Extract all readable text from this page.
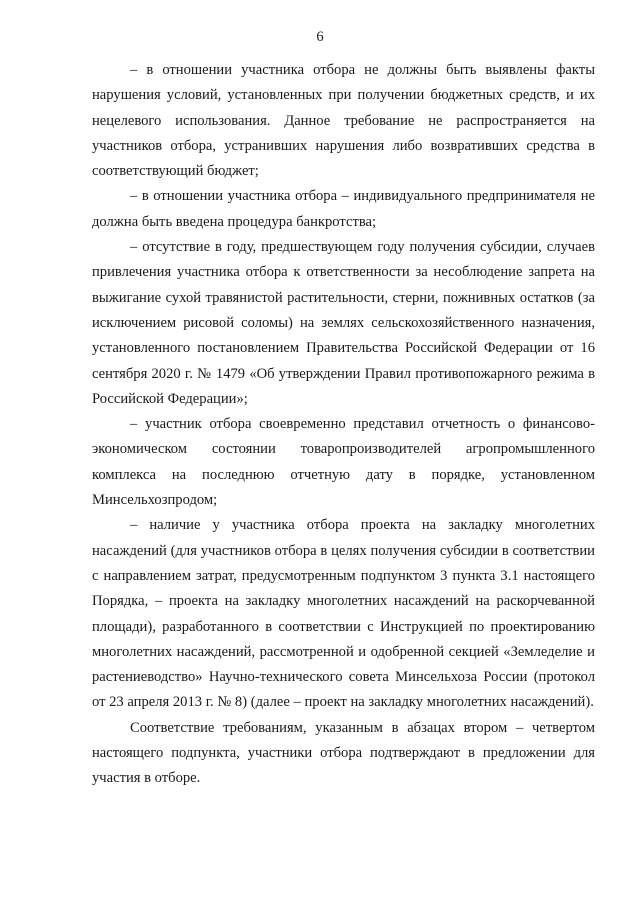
6

– в отношении участника отбора не должны быть выявлены факты нарушения условий, установленных при получении бюджетных средств, и их нецелевого использования. Данное требование не распространяется на участников отбора, устранивших нарушения либо возвративших средства в соответствующий бюджет;

– в отношении участника отбора – индивидуального предпринимателя не должна быть введена процедура банкротства;

– отсутствие в году, предшествующем году получения субсидии, случаев привлечения участника отбора к ответственности за несоблюдение запрета на выжигание сухой травянистой растительности, стерни, пожнивных остатков (за исключением рисовой соломы) на землях сельскохозяйственного назначения, установленного постановлением Правительства Российской Федерации от 16 сентября 2020 г. № 1479 «Об утверждении Правил противопожарного режима в Российской Федерации»;

– участник отбора своевременно представил отчетность о финансово-экономическом состоянии товаропроизводителей агропромышленного комплекса на последнюю отчетную дату в порядке, установленном Минсельхозпродом;

– наличие у участника отбора проекта на закладку многолетних насаждений (для участников отбора в целях получения субсидии в соответствии с направлением затрат, предусмотренным подпунктом 3 пункта 3.1 настоящего Порядка, – проекта на закладку многолетних насаждений на раскорчеванной площади), разработанного в соответствии с Инструкцией по проектированию многолетних насаждений, рассмотренной и одобренной секцией «Земледелие и растениеводство» Научно-технического совета Минсельхоза России (протокол от 23 апреля 2013 г. № 8) (далее – проект на закладку многолетних насаждений).

Соответствие требованиям, указанным в абзацах втором – четвертом настоящего подпункта, участники отбора подтверждают в предложении для участия в отборе.
